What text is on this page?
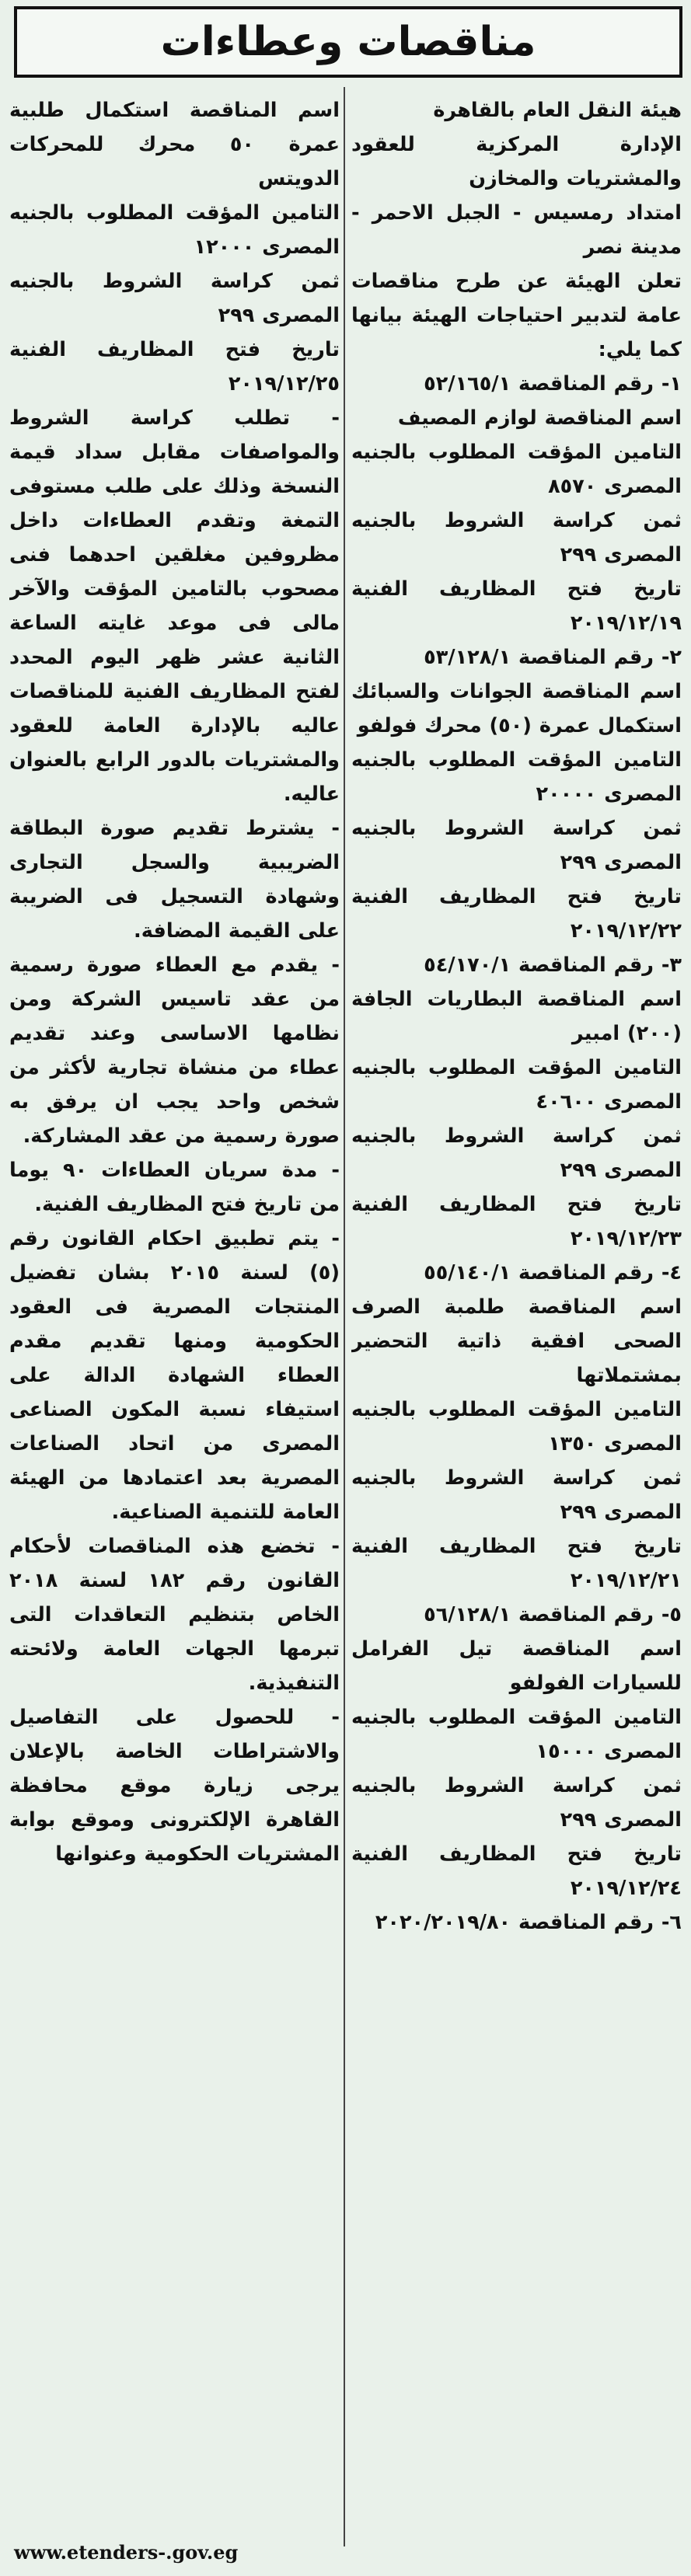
مناقصات وعطاءات

هيئة النقل العام بالقاهرة

الإدارة المركزية للعقود والمشتريات والمخازن

امتداد رمسيس - الجبل الاحمر - مدينة نصر

تعلن الهيئة عن طرح مناقصات عامة لتدبير احتياجات الهيئة بيانها كما يلي:

١- رقم المناقصة ٥٢/١٦٥/١

اسم المناقصة لوازم المصيف

التامين المؤقت المطلوب بالجنيه المصرى ٨٥٧٠

ثمن كراسة الشروط بالجنيه المصرى ٢٩٩

تاريخ فتح المظاريف الفنية ٢٠١٩/١٢/١٩

٢- رقم المناقصة ٥٣/١٢٨/١

اسم المناقصة الجوانات والسبائك استكمال عمرة (٥٠) محرك فولفو

التامين المؤقت المطلوب بالجنيه المصرى ٢٠٠٠٠

ثمن كراسة الشروط بالجنيه المصرى ٢٩٩

تاريخ فتح المظاريف الفنية ٢٠١٩/١٢/٢٢

٣- رقم المناقصة ٥٤/١٧٠/١

اسم المناقصة البطاريات الجافة (٢٠٠) امبير

التامين المؤقت المطلوب بالجنيه المصرى ٤٠٦٠٠

ثمن كراسة الشروط بالجنيه المصرى ٢٩٩

تاريخ فتح المظاريف الفنية ٢٠١٩/١٢/٢٣

٤- رقم المناقصة ٥٥/١٤٠/١

اسم المناقصة طلمبة الصرف الصحى افقية ذاتية التحضير بمشتملاتها

التامين المؤقت المطلوب بالجنيه المصرى ١٣٥٠

ثمن كراسة الشروط بالجنيه المصرى ٢٩٩

تاريخ فتح المظاريف الفنية ٢٠١٩/١٢/٢١

٥- رقم المناقصة ٥٦/١٢٨/١

اسم المناقصة تيل الفرامل للسيارات الفولفو

التامين المؤقت المطلوب بالجنيه المصرى ١٥٠٠٠

ثمن كراسة الشروط بالجنيه المصرى ٢٩٩

تاريخ فتح المظاريف الفنية ٢٠١٩/١٢/٢٤

٦- رقم المناقصة ٢٠٢٠/٢٠١٩/٨٠

اسم المناقصة استكمال طلبية عمرة ٥٠ محرك للمحركات الدويتس

التامين المؤقت المطلوب بالجنيه المصرى ١٢٠٠٠

ثمن كراسة الشروط بالجنيه المصرى ٢٩٩

تاريخ فتح المظاريف الفنية ٢٠١٩/١٢/٢٥

- تطلب كراسة الشروط والمواصفات مقابل سداد قيمة النسخة وذلك على طلب مستوفى التمغة وتقدم العطاءات داخل مظروفين مغلقين احدهما فنى مصحوب بالتامين المؤقت والآخر مالى فى موعد غايته الساعة الثانية عشر ظهر اليوم المحدد لفتح المظاريف الفنية للمناقصات عاليه بالإدارة العامة للعقود والمشتريات بالدور الرابع بالعنوان عاليه.

- يشترط تقديم صورة البطاقة الضريبية والسجل التجارى وشهادة التسجيل فى الضريبة على القيمة المضافة.

- يقدم مع العطاء صورة رسمية من عقد تاسيس الشركة ومن نظامها الاساسى وعند تقديم عطاء من منشاة تجارية لأكثر من شخص واحد يجب ان يرفق به صورة رسمية من عقد المشاركة.

- مدة سريان العطاءات ٩٠ يوما من تاريخ فتح المظاريف الفنية.

- يتم تطبيق احكام القانون رقم (٥) لسنة ٢٠١٥ بشان تفضيل المنتجات المصرية فى العقود الحكومية ومنها تقديم مقدم العطاء الشهادة الدالة على استيفاء نسبة المكون الصناعى المصرى من اتحاد الصناعات المصرية بعد اعتمادها من الهيئة العامة للتنمية الصناعية.

- تخضع هذه المناقصات لأحكام القانون رقم ١٨٢ لسنة ٢٠١٨ الخاص بتنظيم التعاقدات التى تبرمها الجهات العامة ولائحته التنفيذية.

- للحصول على التفاصيل والاشتراطات الخاصة بالإعلان يرجى زيارة موقع محافظة القاهرة الإلكترونى وموقع بوابة المشتريات الحكومية وعنوانها

www.etenders-.gov.eg
